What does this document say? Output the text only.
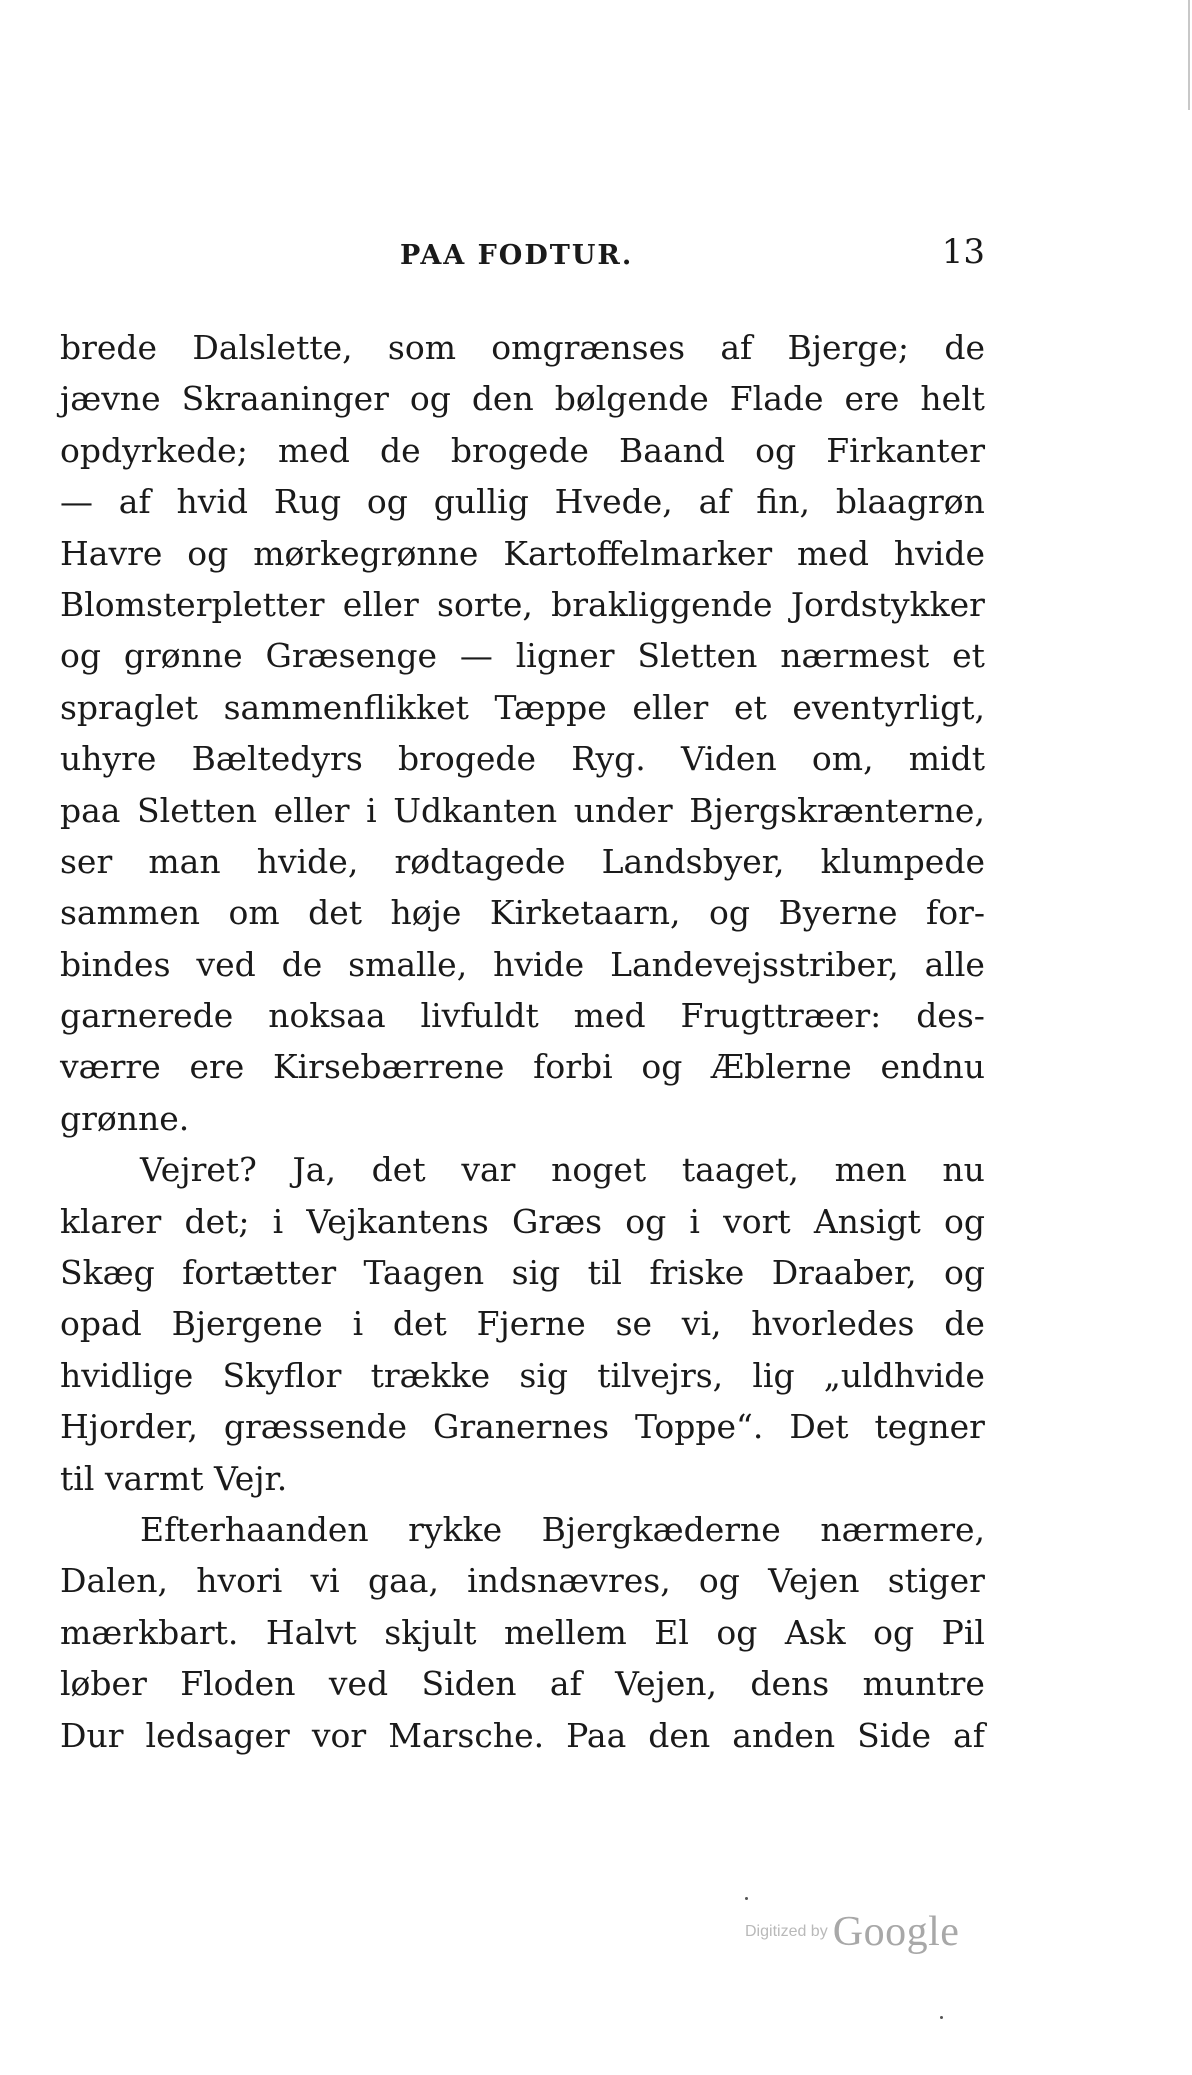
PAA FODTUR.	13
brede Dalslette, som omgrænses af Bjerge; de
jævne Skraaninger og den bølgende Flade ere helt
opdyrkede; med de brogede Baand og Firkanter
— af hvid Rug og gullig Hvede, af fin, blaagrøn
Havre og mørkegrønne Kartoffelmarker med hvide
Blomsterpletter eller sorte, brakliggende Jordstykker
og grønne Græsenge — ligner Sletten nærmest et
spraglet sammenflikket Tæppe eller et eventyrligt,
uhyre Bæltedyrs brogede Ryg. Viden om, midt
paa Sletten eller i Udkanten under Bjergskrænterne,
ser man hvide, rødtagede Landsbyer, klumpede
sammen om det høje Kirketaarn, og Byerne for-
bindes ved de smalle, hvide Landevejsstriber, alle
garnerede noksaa livfuldt med Frugttræer: des-
værre ere Kirsebærrene forbi og Æblerne endnu
grønne.
Vejret? Ja, det var noget taaget, men nu
klarer det; i Vejkantens Græs og i vort Ansigt og
Skæg fortætter Taagen sig til friske Draaber, og
opad Bjergene i det Fjerne se vi, hvorledes de
hvidlige Skyflor trække sig tilvejrs, lig „uldhvide
Hjorder, græssende Granernes Toppe“. Det tegner
til varmt Vejr.
Efterhaanden rykke Bjergkæderne nærmere,
Dalen, hvori vi gaa, indsnævres, og Vejen stiger
mærkbart. Halvt skjult mellem El og Ask og Pil
løber Floden ved Siden af Vejen, dens muntre
Dur ledsager vor Marsche. Paa den anden Side af
Digitized by Google
